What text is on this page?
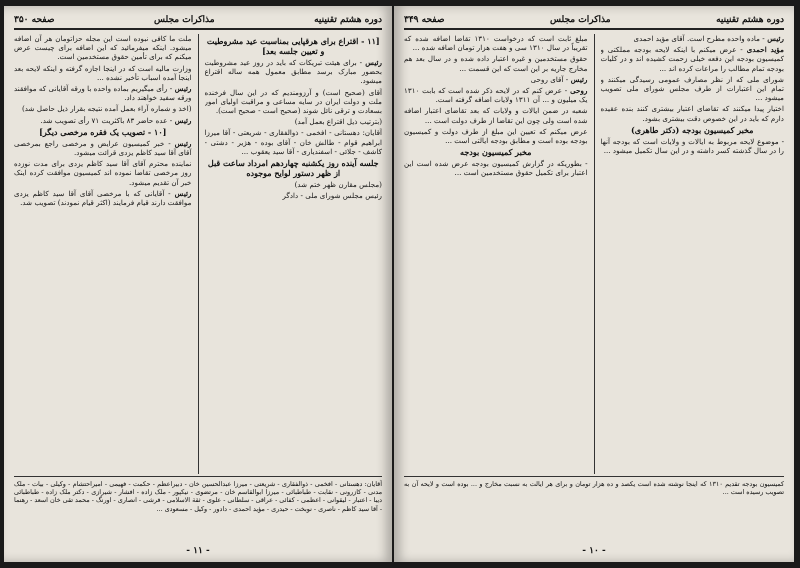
دوره هشتم تقنینیه
مذاکرات مجلس
صفحه ۳۵۰
[۱۱ - اقتراع برای هرقپایی بمناسبت عید مشروطیت و تعیین جلسه بعد]

رئیس - برای هیئت تبریکات که باید در روز عید مشروطیت بحضور مبارک برسد مطابق معمول همه ساله اقتراع میشود.

آقای (صحیح است) و آرزومندیم که در این سال فرخنده ملت و دولت ایران در سایه مساعی و مراقبت اولیای امور بسعادت و ترقی نائل شوند (صحیح است - صحیح است).

(بترتیب ذیل اقتراع بعمل آمد)

آقایان: دهستانی - افخمی - ذوالفقاری - شریعتی - آقا میرزا ابراهیم قوام - طالش خان - آقای بوده - هژیر - دشتی - کاشف - جلائی - اسفندیاری - آقا سید یعقوب ...

جلسه آینده روز یکشنبه چهاردهم امرداد ساعت قبل از ظهر دستور لوایح موجوده

(مجلس مقارن ظهر ختم شد)

رئیس مجلس شورای ملی - دادگر

ملت ما کافی نبوده است این مجله حزاتومان هر آن اضافه میشود. اینکه میفرمائید که این اضافه برای چیست عرض میکنم که برای تأمین حقوق مستخدمین است.

وزارت مالیه است که در اینجا اجازه گرفته و اینکه لایحه بعد اینجا آمده اسباب تأخیر نشده ...

رئیس - رأی میگیریم بماده واحده با ورقه آقایانی که موافقند ورقه سفید خواهند داد.

(اخذ و شماره آراء بعمل آمده نتیجه بقرار ذیل حاصل شد)

رئیس - عده حاضر ۸۳ باکثریت ۷۱ رأی تصویب شد.

[۱۰ - تصویب یک فقره مرخصی دیگر]

رئیس - خبر کمیسیون عرایض و مرخصی راجع بمرخصی آقای آقا سید کاظم یزدی قرائت میشود.

نماینده محترم آقای آقا سید کاظم یزدی برای مدت نوزده روز مرخصی تقاضا نموده اند کمیسیون موافقت کرده اینک خبر آن تقدیم میشود.

رئیس - آقایانی که با مرخصی آقای آقا سید کاظم یزدی موافقت دارند قیام فرمایند (اکثر قیام نمودند) تصویب شد.

آقایان: دهستانی - افخمی - ذوالفقاری - شریعتی - میرزا عبدالحسین خان - دبیراعظم - حکمت - فهیمی - امیراحتشام - وکیلی - بیات - ملک مدنی - کازرونی - نقابت - طباطبائی - میرزا ابوالقاسم خان - مرتضوی - نیکپور - ملک زاده - افشار - شیرازی - دکتر ملک زاده - طباطبائی دیبا - اعتبار - لیقوانی - اعظمی - کفائی - عراقی - سلطانی - علوی - ثقة الاسلامی - فرشی - انصاری - اورنگ - محمد تقی خان اسعد - رهنما - آقا سید کاظم - ناصری - نوبخت - حیدری - مؤید احمدی - دادور - وکیل - مسعودی ...
- ۱۱ -
دوره هشتم تقنینیه
مذاکرات مجلس
صفحه ۳۴۹

رئیس - ماده واحده مطرح است. آقای مؤید احمدی

مؤید احمدی - عرض میکنم با اینکه لایحه بودجه مملکتی و کمیسیون بودجه این دفعه خیلی زحمت کشیده اند و در کلیات بودجه تمام مطالب را مراعات کرده اند ...

شورای ملی که از نظر مصارف عمومی رسیدگی میکنند و تمام این اعتبارات از طرف مجلس شورای ملی تصویب میشود ...

اختیار پیدا میکنند که تقاضای اعتبار بیشتری کنند بنده عقیده دارم که باید در این خصوص دقت بیشتری بشود.

مخبر کمیسیون بودجه (دکتر طاهری)

- موضوع لایحه مربوط به ایالات و ولایات است که بودجه آنها را در سال گذشته کسر داشته و در این سال تکمیل میشود ...

مبلغ ثابت است که درخواست ۱۳۱۰ تقاضا اضافه شده که تقریباً در سال ۱۳۱۰ سی و هفت هزار تومان اضافه شده ...

حقوق مستخدمین و غیره اعتبار داده شده و در سال بعد هم مخارج جاریه بر این است که این قسمت ...

رئیس - آقای روحی

روحی - عرض کنم که در لایحه ذکر شده است که بابت ۱۳۱۰ یک میلیون و ... آن ۱۳۱۱ ولایات اضافه گرفته است.

شعبه در ضمن ایالات و ولایات که بعد تقاضای اعتبار اضافه شده است ولی چون این تقاضا از طرف دولت است ...

عرض میکنم که تعیین این مبلغ از طرف دولت و کمیسیون بودجه بوده است و مطابق بودجه ایالتی است ...

مخبر کمیسیون بودجه

- بطوریکه در گزارش کمیسیون بودجه عرض شده است این اعتبار برای تکمیل حقوق مستخدمین است ...

کمیسیون بودجه تقدیم ۱۳۱۰ که اینجا نوشته شده است یکصد و ده هزار تومان و برای هر ایالت به نسبت مخارج و ... بوده است و لایحه آن به تصویب رسیده است ...
- ۱۰ -
